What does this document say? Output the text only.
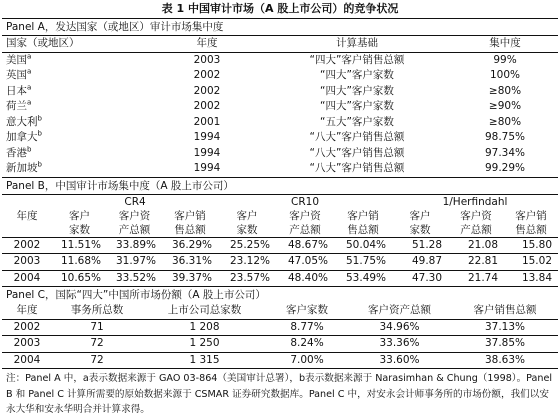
表 1 中国审计市场（A 股上市公司）的竞争状况
Panel A，发达国家（或地区）审计市场集中度
国家（或地区）	年度	计算基础	集中度
美国$^a$	2003	“四大”客户销售总额	99%
英国$^a$	2002	“四大”客户家数	100%
日本$^a$	2002	“四大”客户家数	≥80%
荷兰$^a$	2002	“四大”客户家数	≥90%
意大利$^b$	2001	“五大”客户家数	≥80%
加拿大$^b$	1994	“八大”客户销售总额	98.75%
香港$^b$	1994	“八大”客户销售总额	97.34%
新加坡$^b$	1994	“八大”客户销售总额	99.29%
Panel B，中国审计市场集中度（A 股上市公司）
	CR4			CR10			1/Herfindahl		
年度	客户	客户资	客户销	客户	客户资	客户销	客户	客户资	客户销
	家数	产总额	售总额	家数	产总额	售总额	家数	产总额	售总额
2002	11.51%	33.89%	36.29%	25.25%	48.67%	50.04%	51.28	21.08	15.80
2003	11.68%	31.97%	36.31%	23.12%	47.05%	51.75%	49.87	22.81	15.02
2004	10.65%	33.52%	39.37%	23.57%	48.40%	53.49%	47.30	21.74	13.84
Panel C，国际“四大”中国所市场份额（A 股上市公司）
年度	事务所总数	上市公司总家数	客户家数	客户资产总额	客户销售总额
2002	71	1 208	8.77%	34.96%	37.13%
2003	72	1 250	8.24%	33.36%	37.85%
2004	72	1 315	7.00%	33.60%	38.63%
注：Panel A 中，a表示数据来源于 GAO 03-864（美国审计总署），b表示数据来源于 Narasimhan & Chung（1998）。Panel B 和 Panel C 计算所需要的原始数据来源于 CSMAR 证券研究数据库。Panel C 中，对安永会计师事务所的市场份额，我们以安永大华和安永华明合并计算求得。
